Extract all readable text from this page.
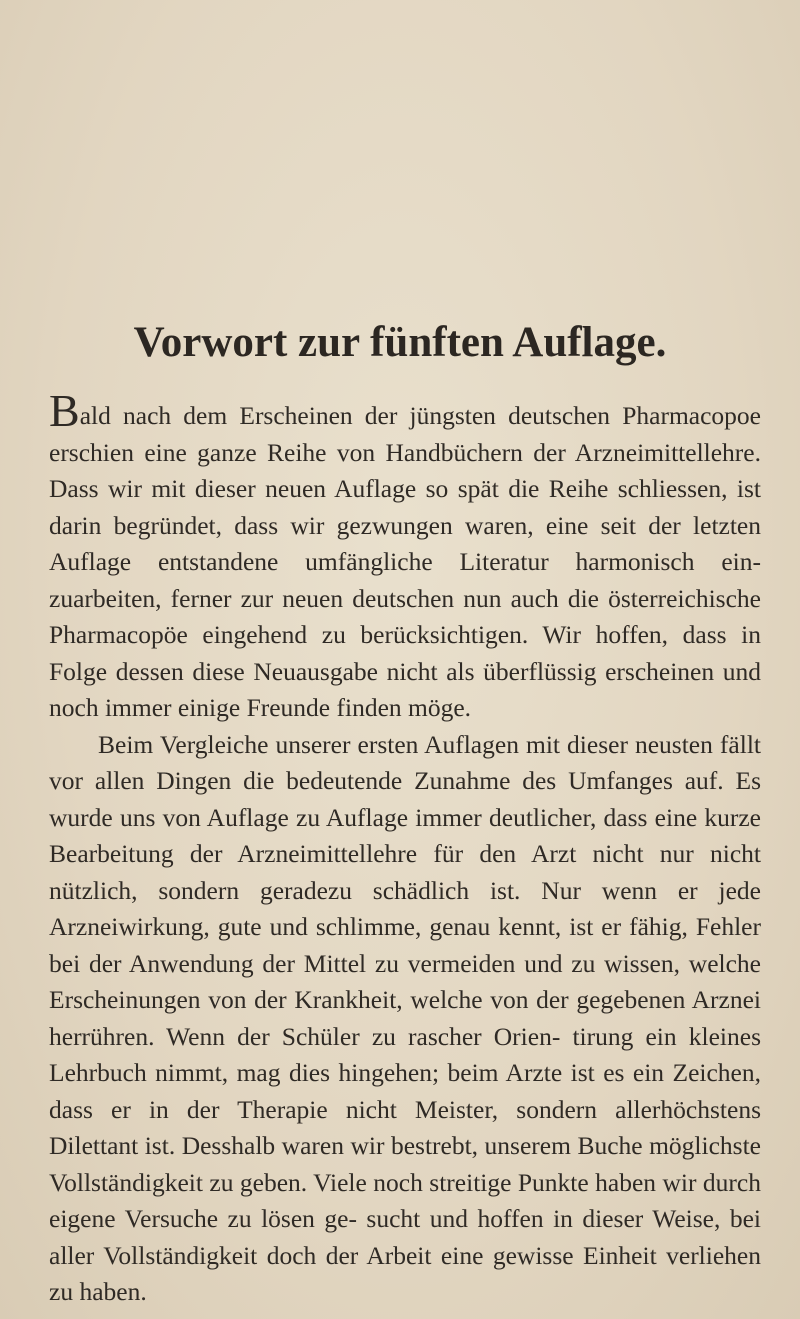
Vorwort zur fünften Auflage.

Bald nach dem Erscheinen der jüngsten deutschen Pharmacopoe erschien eine ganze Reihe von Handbüchern der Arzneimittellehre. Dass wir mit dieser neuen Auflage so spät die Reihe schliessen, ist darin begründet, dass wir gezwungen waren, eine seit der letzten Auflage entstandene umfängliche Literatur harmonisch ein- zuarbeiten, ferner zur neuen deutschen nun auch die österreichische Pharmacopöe eingehend zu berücksichtigen. Wir hoffen, dass in Folge dessen diese Neuausgabe nicht als überflüssig erscheinen und noch immer einige Freunde finden möge.

Beim Vergleiche unserer ersten Auflagen mit dieser neusten fällt vor allen Dingen die bedeutende Zunahme des Umfanges auf. Es wurde uns von Auflage zu Auflage immer deutlicher, dass eine kurze Bearbeitung der Arzneimittellehre für den Arzt nicht nur nicht nützlich, sondern geradezu schädlich ist. Nur wenn er jede Arzneiwirkung, gute und schlimme, genau kennt, ist er fähig, Fehler bei der Anwendung der Mittel zu vermeiden und zu wissen, welche Erscheinungen von der Krankheit, welche von der gegebenen Arznei herrühren. Wenn der Schüler zu rascher Orien- tirung ein kleines Lehrbuch nimmt, mag dies hingehen; beim Arzte ist es ein Zeichen, dass er in der Therapie nicht Meister, sondern allerhöchstens Dilettant ist. Desshalb waren wir bestrebt, unserem Buche möglichste Vollständigkeit zu geben. Viele noch streitige Punkte haben wir durch eigene Versuche zu lösen ge- sucht und hoffen in dieser Weise, bei aller Vollständigkeit doch der Arbeit eine gewisse Einheit verliehen zu haben.
